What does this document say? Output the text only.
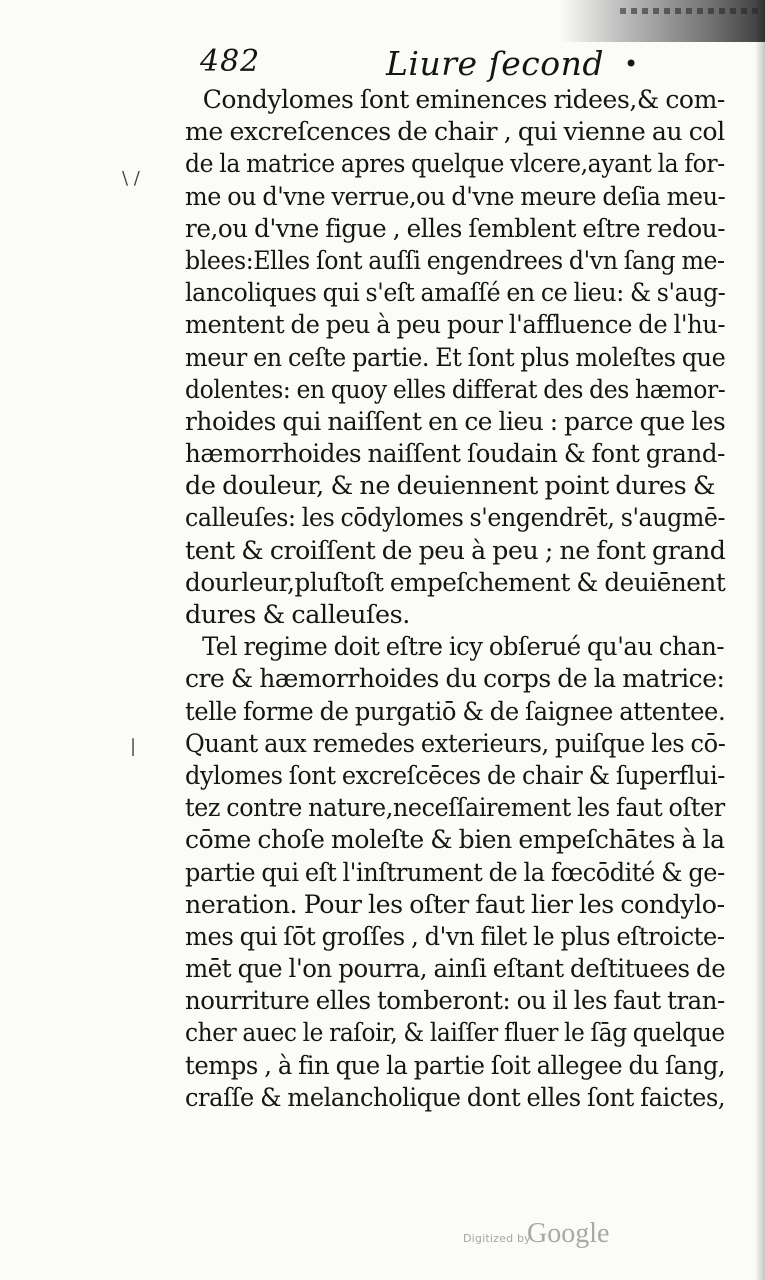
482	Liure ſecond •
\ /
|
Condylomes ſont eminences ridees,& com-
me excreſcences de chair , qui vienne au col
de la matrice apres quelque vlcere,ayant la for-
me ou d'vne verrue,ou d'vne meure deſia meu-
re,ou d'vne figue , elles ſemblent eſtre redou-
blees:Elles ſont auſſi engendrees d'vn ſang me-
lancoliques qui s'eſt amaſſé en ce lieu: & s'aug-
mentent de peu à peu pour l'affluence de l'hu-
meur en ceſte partie. Et ſont plus moleſtes que
dolentes: en quoy elles differat des des hæmor-
rhoides qui naiſſent en ce lieu : parce que les
hæmorrhoides naiſſent ſoudain & font grand-
de douleur, & ne deuiennent point dures &
calleuſes: les cōdylomes s'engendrēt, s'augmē-
tent & croiſſent de peu à peu ; ne font grand
dourleur,pluſtoſt empeſchement & deuiēnent
dures & calleuſes.
Tel regime doit eſtre icy obſerué qu'au chan-
cre & hæmorrhoides du corps de la matrice:
telle forme de purgatiō & de ſaignee attentee.
Quant aux remedes exterieurs, puiſque les cō-
dylomes ſont excreſcēces de chair & ſuperflui-
tez contre nature,neceſſairement les faut oſter
cōme choſe moleſte & bien empeſchātes à la
partie qui eſt l'inſtrument de la fœcōdité & ge-
neration. Pour les oſter faut lier les condylo-
mes qui ſōt groſſes , d'vn filet le plus eſtroicte-
mēt que l'on pourra, ainſi eſtant deſtituees de
nourriture elles tomberont: ou il les faut tran-
cher auec le raſoir, & laiſſer fluer le ſāg quelque
temps , à fin que la partie ſoit allegee du ſang,
craſſe & melancholique dont elles ſont faictes,
Digitized by
Google
